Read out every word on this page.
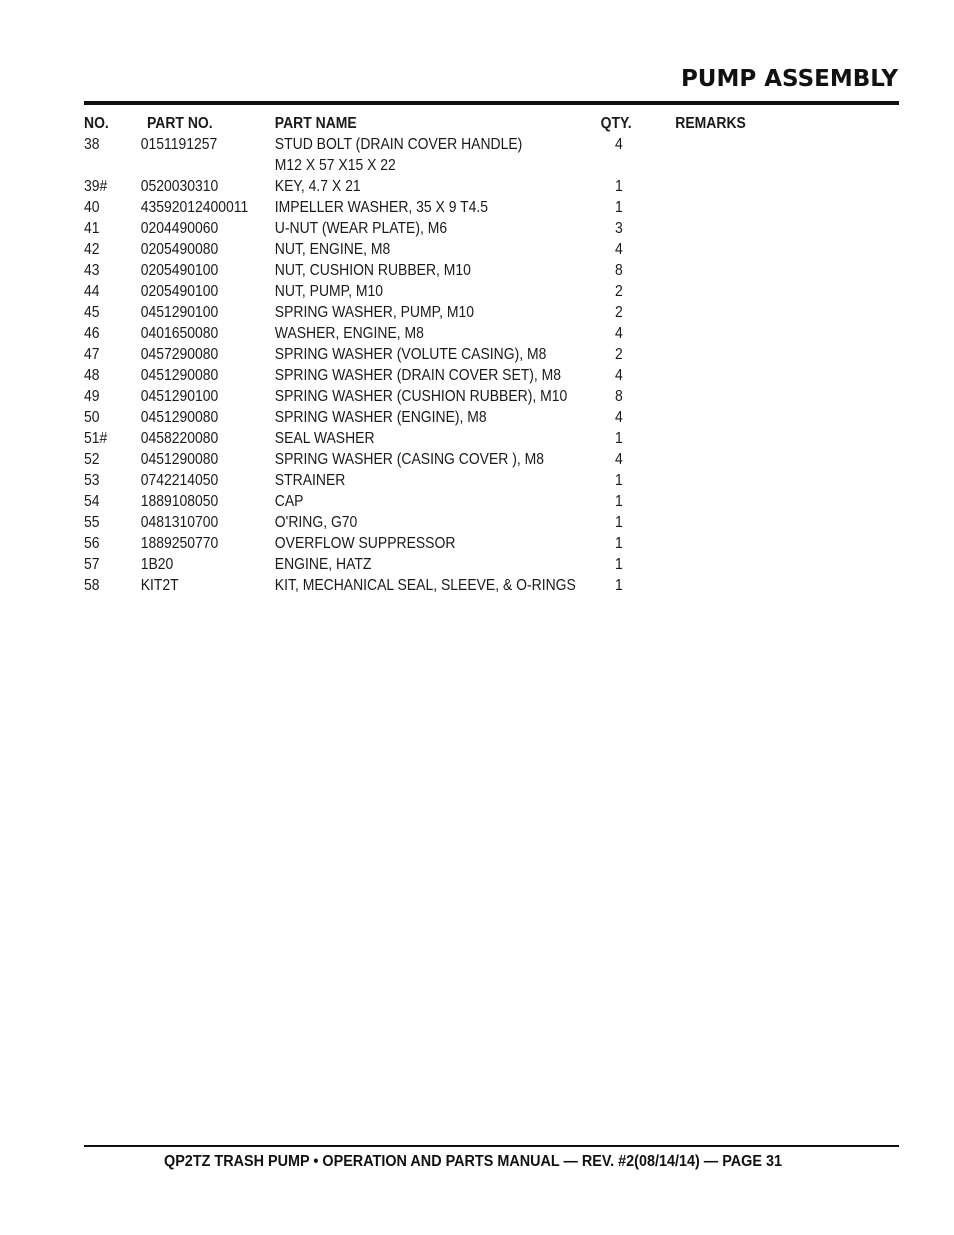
PUMP ASSEMBLY
NO. PART NO.	PART NAME	QTY.	REMARKS
38	0151191257	STUD BOLT (DRAIN COVER HANDLE)	4
M12 X 57 X15 X 22
39# 0520030310	KEY, 4.7 X 21	1
40	43592012400011 IMPELLER WASHER, 35 X 9 T4.5	1
41	0204490060	U-NUT (WEAR PLATE), M6	3
42	0205490080	NUT, ENGINE, M8	4
43	0205490100	NUT, CUSHION RUBBER, M10	8
44	0205490100	NUT, PUMP, M10	2
45	0451290100	SPRING WASHER, PUMP, M10	2
46	0401650080	WASHER, ENGINE, M8	4
47	0457290080	SPRING WASHER (VOLUTE CASING), M8	2
48	0451290080	SPRING WASHER (DRAIN COVER SET), M8	4
49	0451290100	SPRING WASHER (CUSHION RUBBER), M10	8
50	0451290080	SPRING WASHER (ENGINE), M8	4
51# 0458220080	SEAL WASHER	1
52	0451290080	SPRING WASHER (CASING COVER ), M8	4
53	0742214050	STRAINER	1
54	1889108050	CAP	1
55	0481310700	O'RING, G70	1
56	1889250770	OVERFLOW SUPPRESSOR	1
57	1B20	ENGINE, HATZ	1
58	KIT2T	KIT, MECHANICAL SEAL, SLEEVE, & O-RINGS	1
QP2TZ TRASH PUMP • OPERATION AND PARTS MANUAL — REV. #2(08/14/14) — PAGE 31
